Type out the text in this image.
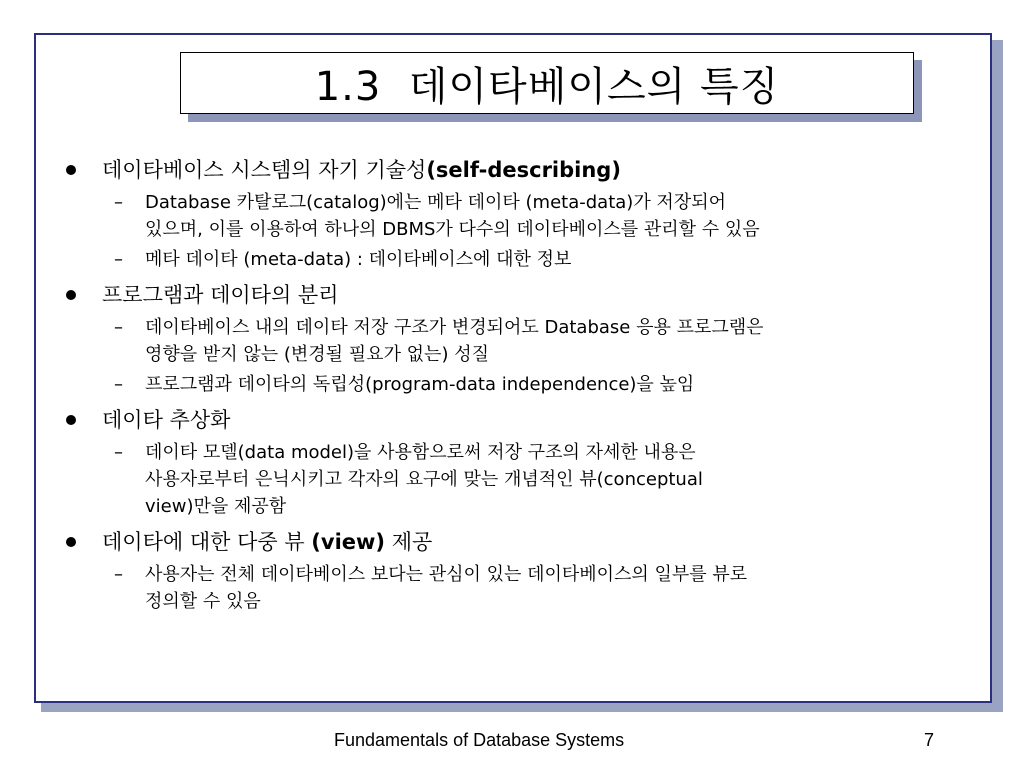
1.3  데이타베이스의 특징
데이타베이스 시스템의 자기 기술성(self-describing)
– Database 카탈로그(catalog)에는 메타 데이타 (meta-data)가 저장되어
있으며, 이를 이용하여 하나의 DBMS가 다수의 데이타베이스를 관리할 수 있음
– 메타 데이타 (meta-data) : 데이타베이스에 대한 정보
프로그램과 데이타의 분리
– 데이타베이스 내의 데이타 저장 구조가 변경되어도 Database 응용 프로그램은
영향을 받지 않는 (변경될 필요가 없는) 성질
– 프로그램과 데이타의 독립성(program-data independence)을 높임
데이타 추상화
– 데이타 모델(data model)을 사용함으로써 저장 구조의 자세한 내용은
사용자로부터 은닉시키고 각자의 요구에 맞는 개념적인 뷰(conceptual
view)만을 제공함
데이타에 대한 다중 뷰 (view) 제공
– 사용자는 전체 데이타베이스 보다는 관심이 있는 데이타베이스의 일부를 뷰로
정의할 수 있음
Fundamentals of Database Systems	7
